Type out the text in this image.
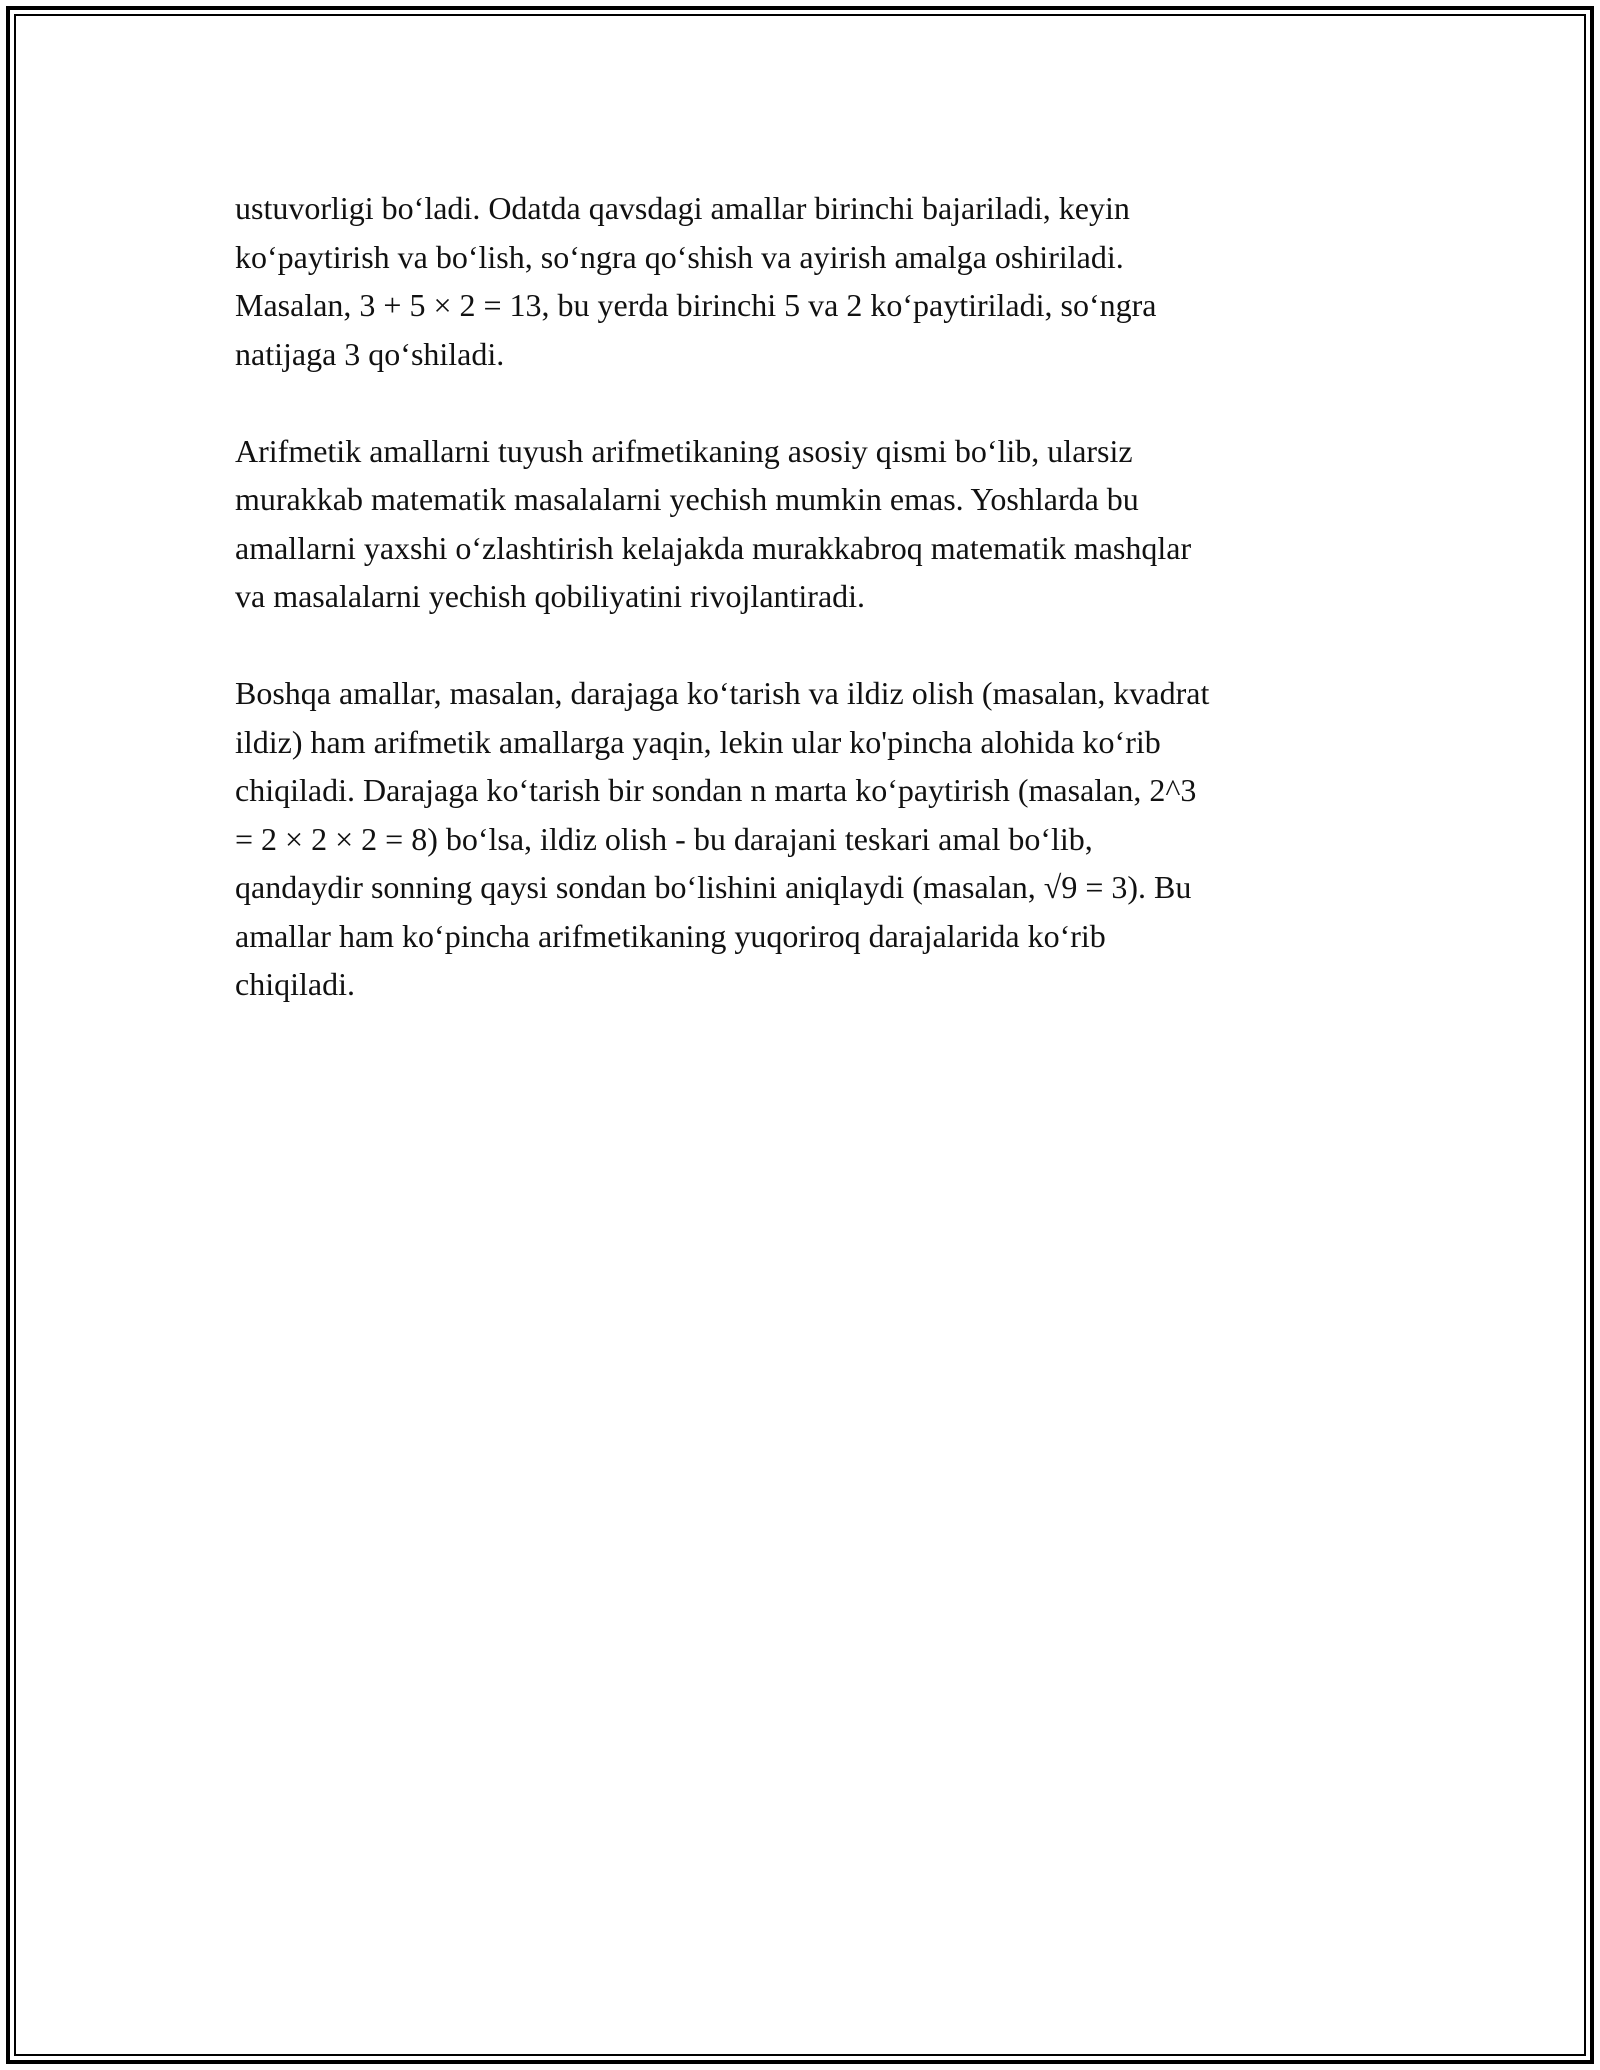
ustuvorligi bo‘ladi. Odatda qavsdagi amallar birinchi bajariladi, keyin
ko‘paytirish va bo‘lish, so‘ngra qo‘shish va ayirish amalga oshiriladi.
Masalan, 3 + 5 × 2 = 13, bu yerda birinchi 5 va 2 ko‘paytiriladi, so‘ngra
natijaga 3 qo‘shiladi.

Arifmetik amallarni tuyush arifmetikaning asosiy qismi bo‘lib, ularsiz
murakkab matematik masalalarni yechish mumkin emas. Yoshlarda bu
amallarni yaxshi o‘zlashtirish kelajakda murakkabroq matematik mashqlar
va masalalarni yechish qobiliyatini rivojlantiradi.

Boshqa amallar, masalan, darajaga ko‘tarish va ildiz olish (masalan, kvadrat
ildiz) ham arifmetik amallarga yaqin, lekin ular ko'pincha alohida ko‘rib
chiqiladi. Darajaga ko‘tarish bir sondan n marta ko‘paytirish (masalan, 2^3
= 2 × 2 × 2 = 8) bo‘lsa, ildiz olish - bu darajani teskari amal bo‘lib,
qandaydir sonning qaysi sondan bo‘lishini aniqlaydi (masalan, √9 = 3). Bu
amallar ham ko‘pincha arifmetikaning yuqoriroq darajalarida ko‘rib
chiqiladi.
